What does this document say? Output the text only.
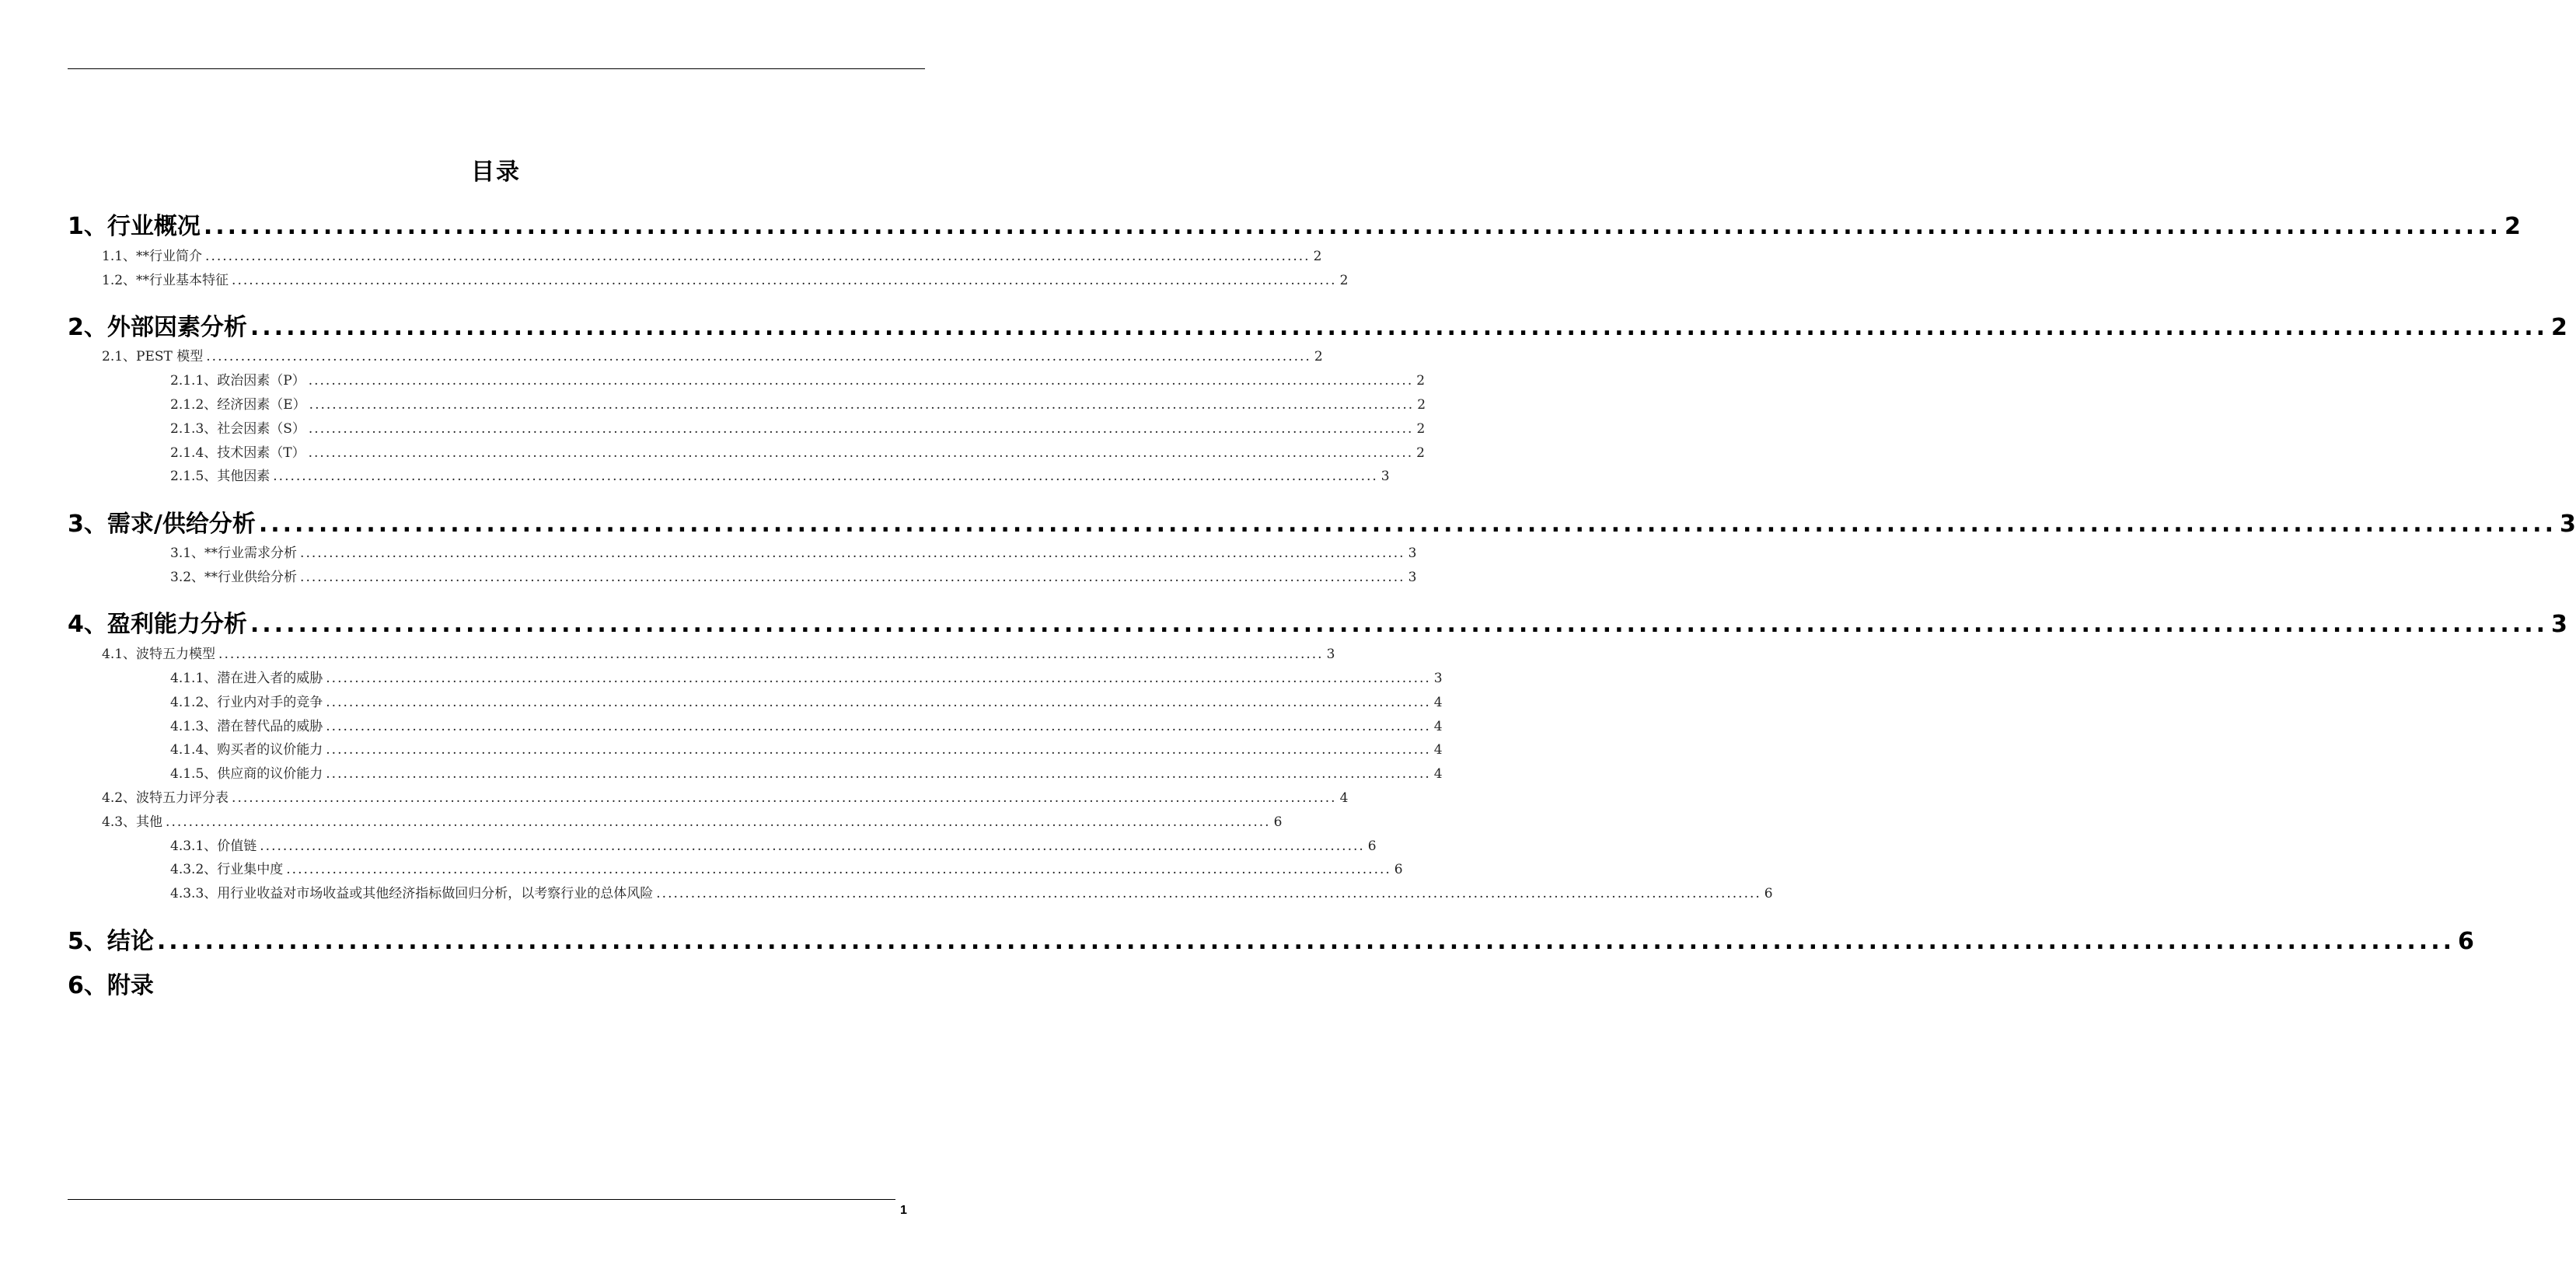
目录
1、行业概况 ................................................................................................................................................................................................ 2
1.1、**行业简介 ................................................................................................................................................................................................ 2
1.2、**行业基本特征 ................................................................................................................................................................................................ 2
2、外部因素分析 ................................................................................................................................................................................................ 2
2.1、PEST 模型 ................................................................................................................................................................................................ 2
2.1.1、政治因素（P） ................................................................................................................................................................................................ 2
2.1.2、经济因素（E） ................................................................................................................................................................................................ 2
2.1.3、社会因素（S） ................................................................................................................................................................................................ 2
2.1.4、技术因素（T） ................................................................................................................................................................................................ 2
2.1.5、其他因素 ................................................................................................................................................................................................ 3
3、需求/供给分析 ................................................................................................................................................................................................ 3
3.1、**行业需求分析 ................................................................................................................................................................................................ 3
3.2、**行业供给分析 ................................................................................................................................................................................................ 3
4、盈利能力分析 ................................................................................................................................................................................................ 3
4.1、波特五力模型 ................................................................................................................................................................................................ 3
4.1.1、潜在进入者的威胁 ................................................................................................................................................................................................ 3
4.1.2、行业内对手的竞争 ................................................................................................................................................................................................ 4
4.1.3、潜在替代品的威胁 ................................................................................................................................................................................................ 4
4.1.4、购买者的议价能力 ................................................................................................................................................................................................ 4
4.1.5、供应商的议价能力 ................................................................................................................................................................................................ 4
4.2、波特五力评分表 ................................................................................................................................................................................................ 4
4.3、其他 ................................................................................................................................................................................................ 6
4.3.1、价值链 ................................................................................................................................................................................................ 6
4.3.2、行业集中度 ................................................................................................................................................................................................ 6
4.3.3、用行业收益对市场收益或其他经济指标做回归分析，以考察行业的总体风险 ................................................................................................................................................................................................ 6
5、结论 ................................................................................................................................................................................................ 6
6、附录
1
